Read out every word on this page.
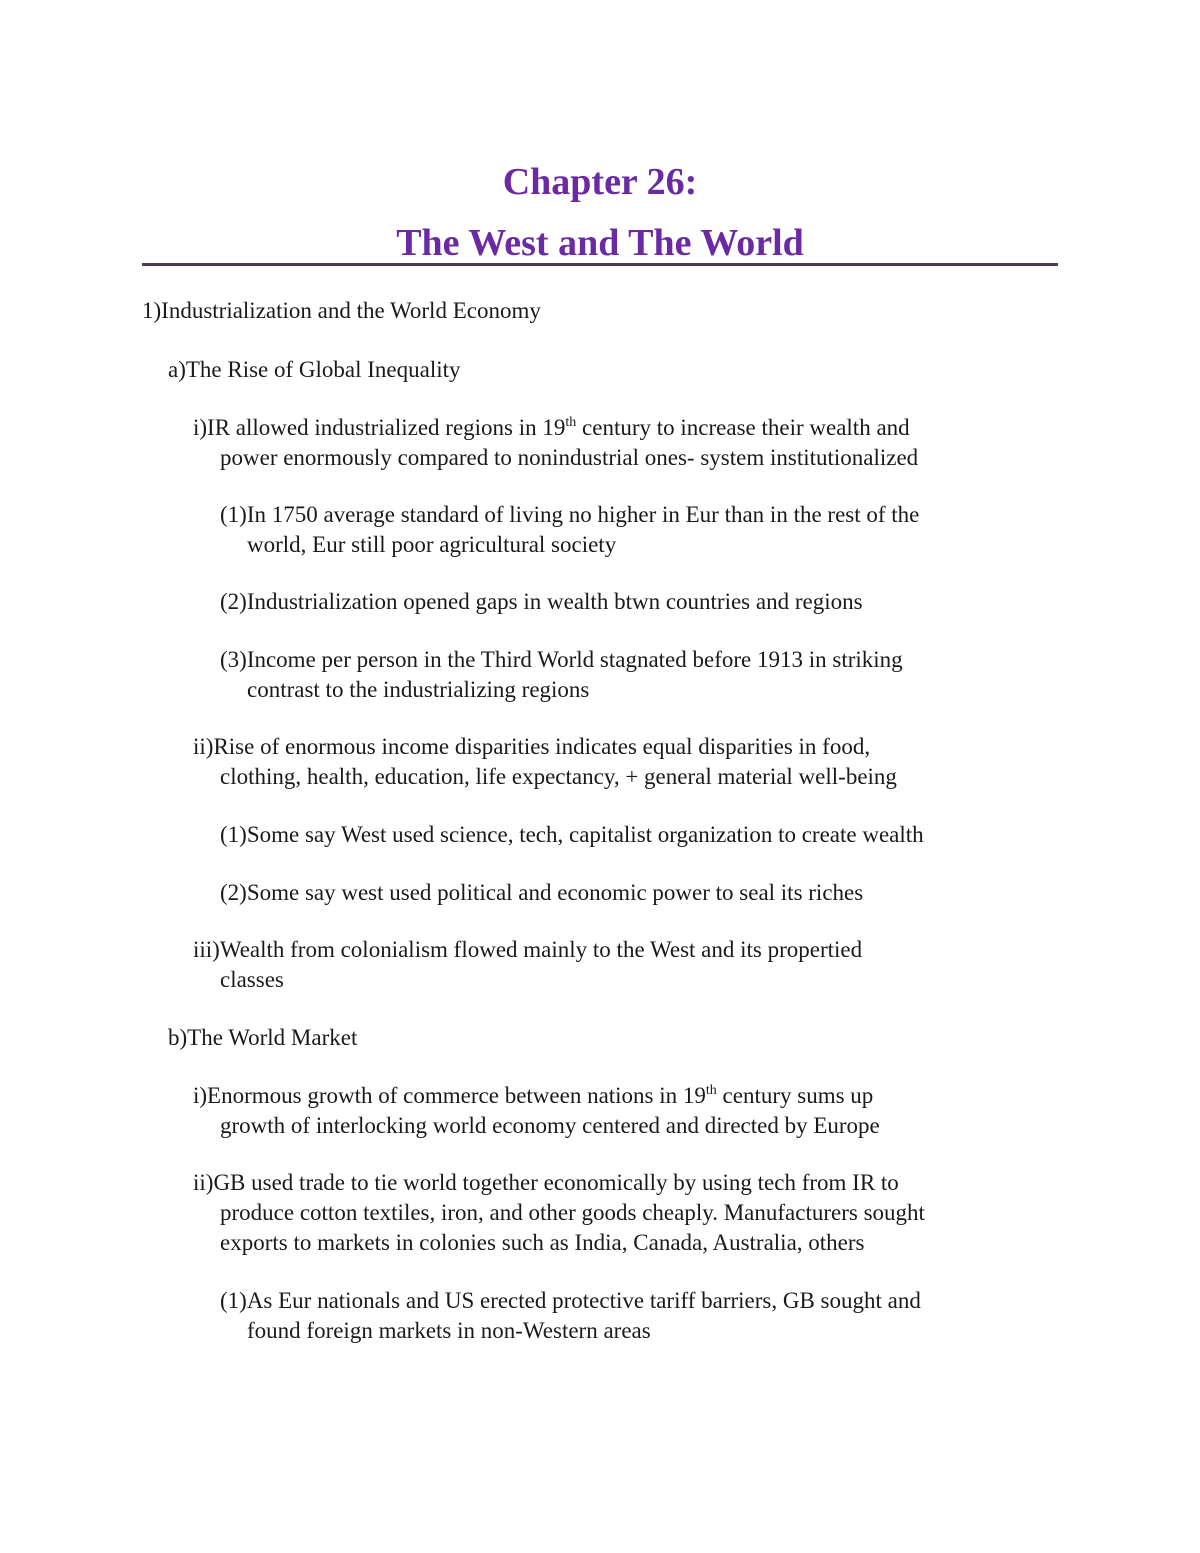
Chapter 26:
The West and The World

1)Industrialization and the World Economy

a)The Rise of Global Inequality

i)IR allowed industrialized regions in 19th century to increase their wealth and
power enormously compared to nonindustrial ones- system institutionalized

(1)In 1750 average standard of living no higher in Eur than in the rest of the
world, Eur still poor agricultural society

(2)Industrialization opened gaps in wealth btwn countries and regions

(3)Income per person in the Third World stagnated before 1913 in striking
contrast to the industrializing regions

ii)Rise of enormous income disparities indicates equal disparities in food,
clothing, health, education, life expectancy, + general material well-being

(1)Some say West used science, tech, capitalist organization to create wealth

(2)Some say west used political and economic power to seal its riches

iii)Wealth from colonialism flowed mainly to the West and its propertied
classes

b)The World Market

i)Enormous growth of commerce between nations in 19th century sums up
growth of interlocking world economy centered and directed by Europe

ii)GB used trade to tie world together economically by using tech from IR to
produce cotton textiles, iron, and other goods cheaply. Manufacturers sought
exports to markets in colonies such as India, Canada, Australia, others

(1)As Eur nationals and US erected protective tariff barriers, GB sought and
found foreign markets in non-Western areas
